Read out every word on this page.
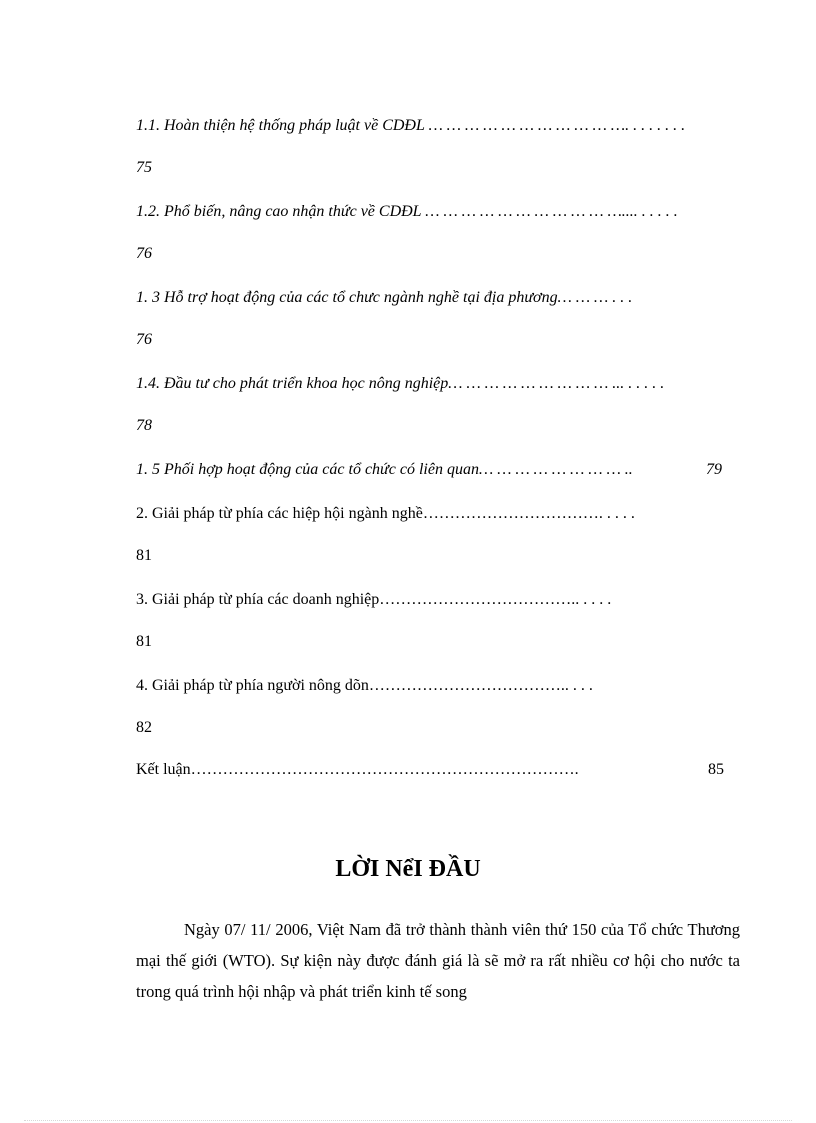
1.1. Hoàn thiện hệ thống pháp luật về CDĐL … … … … … … … … … … …. . . . . . . .
75
1.2. Phổ biến, nâng cao nhận thức về CDĐL … … … … … … … … … … ….... . . . . .
76
1. 3 Hỗ trợ hoạt động của các tổ chưc ngành nghề tại địa phương… … … . . .
76
1.4. Đầu tư cho phát triển khoa học nông nghiệp… … … … … … … … … ... . . . . .
78
1. 5 Phối hợp hoạt động của các tổ chức có liên quan… … … … … … … … ..	79
2. Giải pháp từ phía các hiệp hội ngành nghề……………………………. . . . .
81
3. Giải pháp từ phía các doanh nghiệp……………………………….. . . . .
81
4. Giải pháp từ phía người nông dõn……………………………….. . . .
82
Kết luận……………………………………………………………….	85
LỜI NểI ĐẦU
Ngày 07/ 11/ 2006, Việt Nam đã trở thành thành viên thứ 150 của Tổ chức Thương mại thế giới (WTO). Sự kiện này được đánh giá là sẽ mở ra rất nhiều cơ hội cho nước ta trong quá trình hội nhập và phát triển kinh tế song
